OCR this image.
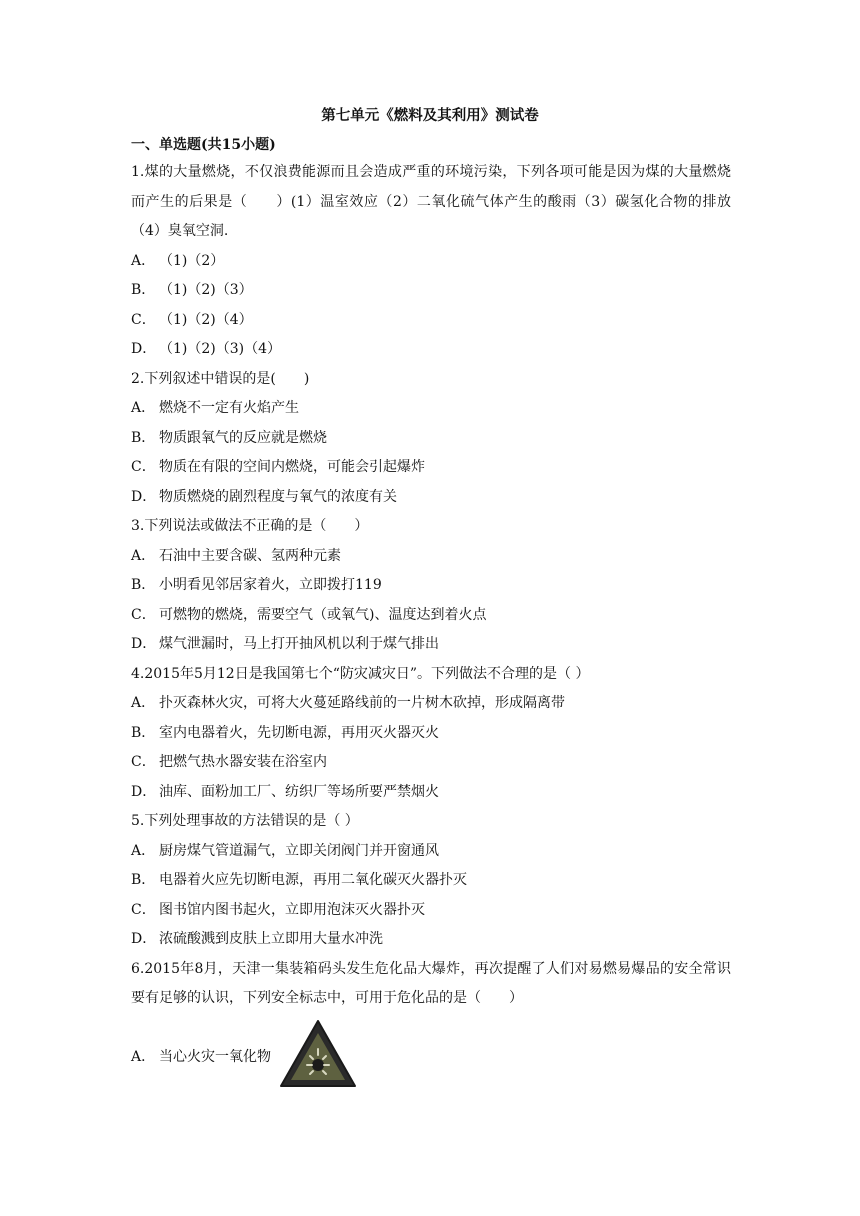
第七单元《燃料及其利用》测试卷
一、单选题(共15小题)

1.煤的大量燃烧，不仅浪费能源而且会造成严重的环境污染，下列各项可能是因为煤的大量燃烧而产生的后果是（　　）(1）温室效应（2）二氧化硫气体产生的酸雨（3）碳氢化合物的排放（4）臭氧空洞.

A． （1)（2）

B． （1)（2)（3）

C． （1)（2)（4）

D． （1)（2)（3)（4）

2.下列叙述中错误的是(　　)

A． 燃烧不一定有火焰产生

B． 物质跟氧气的反应就是燃烧

C． 物质在有限的空间内燃烧，可能会引起爆炸

D． 物质燃烧的剧烈程度与氧气的浓度有关

3.下列说法或做法不正确的是（　　）

A． 石油中主要含碳、氢两种元素

B． 小明看见邻居家着火，立即拨打119

C． 可燃物的燃烧，需要空气（或氧气)、温度达到着火点

D． 煤气泄漏时，马上打开抽风机以利于煤气排出

4.2015年5月12日是我国第七个“防灾减灾日”。下列做法不合理的是（ ）

A． 扑灭森林火灾，可将大火蔓延路线前的一片树木砍掉，形成隔离带

B． 室内电器着火，先切断电源，再用灭火器灭火

C． 把燃气热水器安装在浴室内

D． 油库、面粉加工厂、纺织厂等场所要严禁烟火

5.下列处理事故的方法错误的是（ ）

A． 厨房煤气管道漏气，立即关闭阀门并开窗通风

B． 电器着火应先切断电源，再用二氧化碳灭火器扑灭

C． 图书馆内图书起火，立即用泡沫灭火器扑灭

D． 浓硫酸溅到皮肤上立即用大量水冲洗

6.2015年8月，天津一集装箱码头发生危化品大爆炸，再次提醒了人们对易燃易爆品的安全常识要有足够的认识，下列安全标志中，可用于危化品的是（　　）

A． 当心火灾一氧化物
